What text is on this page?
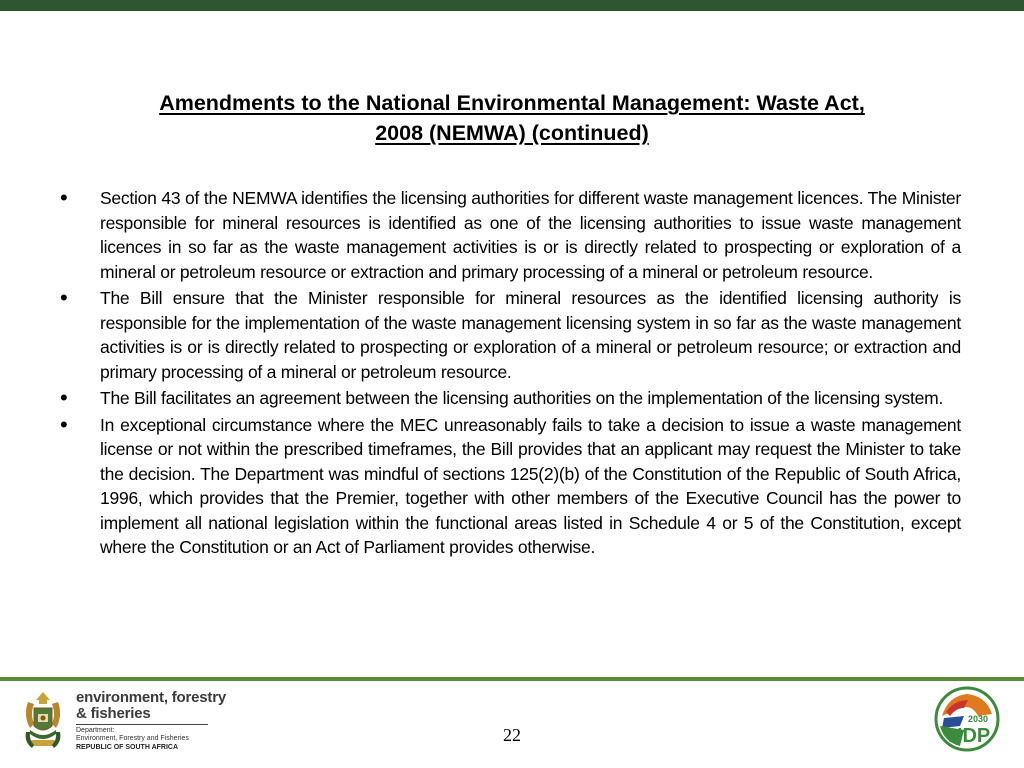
Amendments to the National Environmental Management: Waste Act,
2008 (NEMWA) (continued)
• Section 43 of the NEMWA identifies the licensing authorities for different waste management licences. The Minister responsible for mineral resources is identified as one of the licensing authorities to issue waste management licences in so far as the waste management activities is or is directly related to prospecting or exploration of a mineral or petroleum resource or extraction and primary processing of a mineral or petroleum resource.
• The Bill ensure that the Minister responsible for mineral resources as the identified licensing authority is responsible for the implementation of the waste management licensing system in so far as the waste management activities is or is directly related to prospecting or exploration of a mineral or petroleum resource; or extraction and primary processing of a mineral or petroleum resource.
• The Bill facilitates an agreement between the licensing authorities on the implementation of the licensing system.
• In exceptional circumstance where the MEC unreasonably fails to take a decision to issue a waste management license or not within the prescribed timeframes, the Bill provides that an applicant may request the Minister to take the decision. The Department was mindful of sections 125(2)(b) of the Constitution of the Republic of South Africa, 1996, which provides that the Premier, together with other members of the Executive Council has the power to implement all national legislation within the functional areas listed in Schedule 4 or 5 of the Constitution, except where the Constitution or an Act of Parliament provides otherwise.
environment, forestry
& fisheries
Department:
Environment, Forestry and Fisheries
REPUBLIC OF SOUTH AFRICA
22
2030
NDP
